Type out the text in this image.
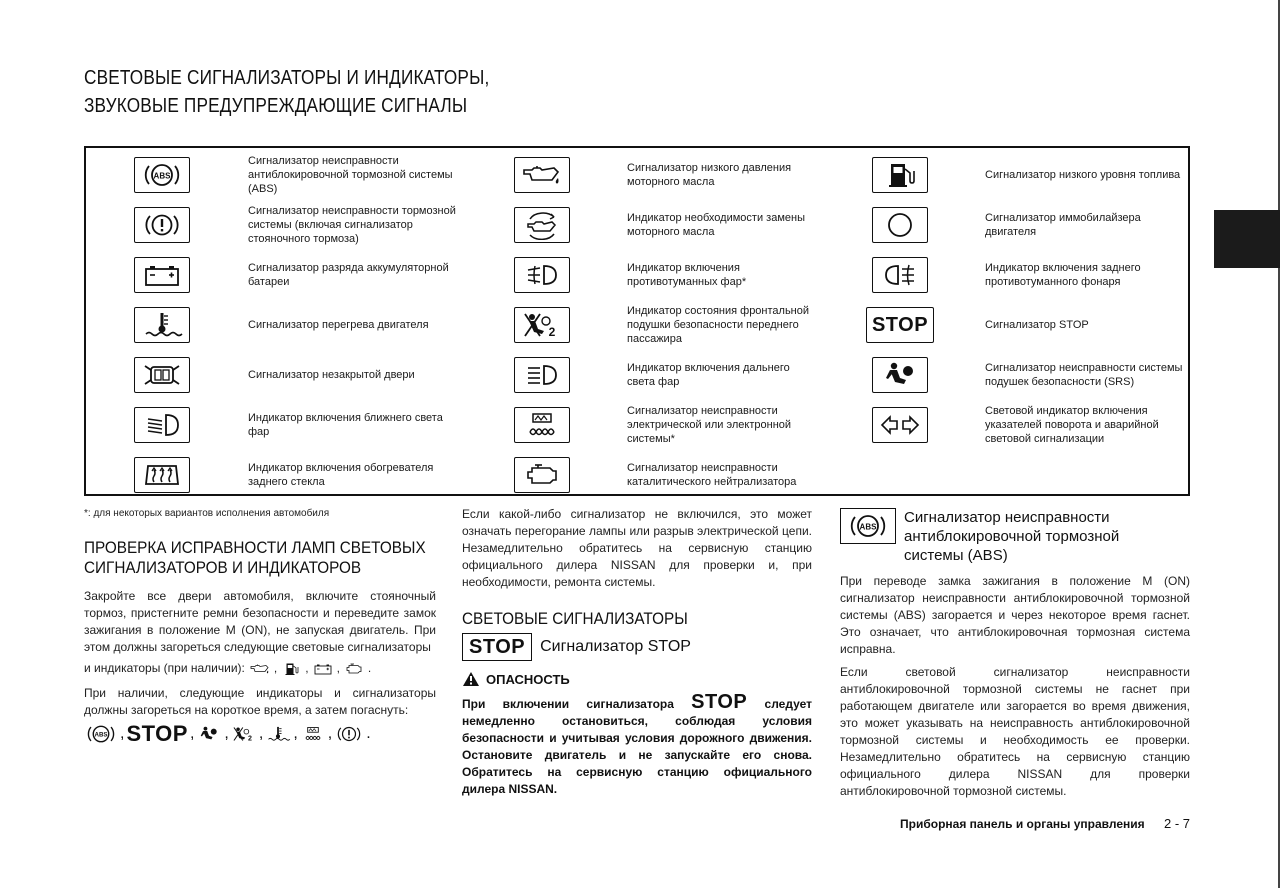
СВЕТОВЫЕ СИГНАЛИЗАТОРЫ И ИНДИКАТОРЫ,
ЗВУКОВЫЕ ПРЕДУПРЕЖДАЮЩИЕ СИГНАЛЫ
Сигнализатор неисправности
антиблокировочной тормозной системы
(ABS)
Сигнализатор неисправности тормозной
системы (включая сигнализатор
стояночного тормоза)
Сигнализатор разряда аккумуляторной
батареи
Сигнализатор перегрева двигателя
Сигнализатор незакрытой двери
Индикатор включения ближнего света
фар
Индикатор включения обогревателя
заднего стекла
Сигнализатор низкого давления
моторного масла
Индикатор необходимости замены
моторного масла
Индикатор включения
противотуманных фар*
Индикатор состояния фронтальной
подушки безопасности переднего
пассажира
Индикатор включения дальнего
света фар
Сигнализатор неисправности
электрической или электронной
системы*
Сигнализатор неисправности
каталитического нейтрализатора
Сигнализатор низкого уровня топлива
Сигнализатор иммобилайзера
двигателя
Индикатор включения заднего
противотуманного фонаря
STOP	Сигнализатор STOP
Сигнализатор неисправности системы
подушек безопасности (SRS)
Световой индикатор включения
указателей поворота и аварийной
световой сигнализации
*: для некоторых вариантов исполнения автомобиля
ПРОВЕРКА ИСПРАВНОСТИ ЛАМП СВЕТОВЫХ
СИГНАЛИЗАТОРОВ И ИНДИКАТОРОВ
Закройте все двери автомобиля, включите стояночный тормоз, пристегните ремни безопасности и переведите замок зажигания в положение M (ON), не запуская двигатель. При этом должны загореться следующие световые сигнализаторы
и индикаторы (при наличии): , , , .
При наличии, следующие индикаторы и сигнализаторы должны загореться на короткое время, а затем погаснуть:
, STOP , , , , , .
Если какой-либо сигнализатор не включился, это может означать перегорание лампы или разрыв электрической цепи. Незамедлительно обратитесь на сервисную станцию официального дилера NISSAN для проверки и, при необходимости, ремонта системы.
СВЕТОВЫЕ СИГНАЛИЗАТОРЫ
STOP Сигнализатор STOP
ОПАСНОСТЬ
При включении сигнализатора STOP следует немедленно остановиться, соблюдая условия безопасности и учитывая условия дорожного движения. Остановите двигатель и не запускайте его снова. Обратитесь на сервисную станцию официального дилера NISSAN.
Сигнализатор неисправности
антиблокировочной тормозной
системы (ABS)
При переводе замка зажигания в положение M (ON) сигнализатор неисправности антиблокировочной тормозной системы (ABS) загорается и через некоторое время гаснет. Это означает, что антиблокировочная тормозная система исправна.
Если световой сигнализатор неисправности антиблокировочной тормозной системы не гаснет при работающем двигателе или загорается во время движения, это может указывать на неисправность антиблокировочной тормозной системы и необходимость ее проверки. Незамедлительно обратитесь на сервисную станцию официального дилера NISSAN для проверки антиблокировочной тормозной системы.
Приборная панель и органы управления 2 - 7
